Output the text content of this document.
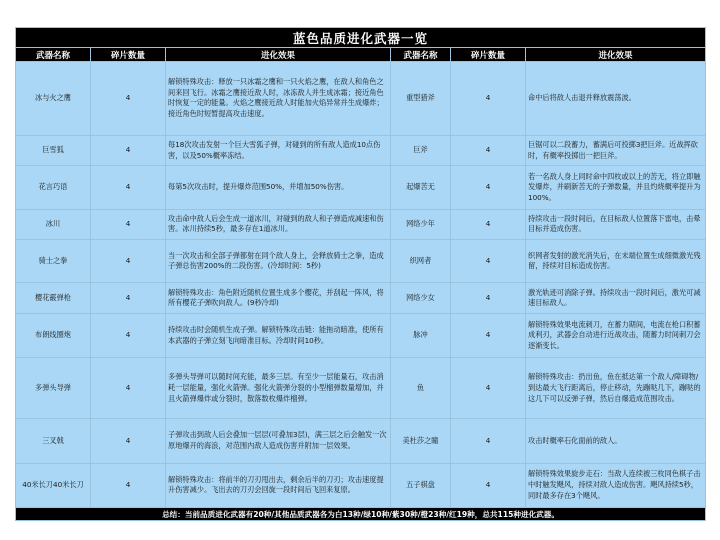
蓝色品质进化武器一览					
武器名称	碎片数量	进化效果	武器名称	碎片数量	进化效果
冰与火之鹰	4	解锁特殊攻击：释放一只冰霜之鹰和一只火焰之鹰，在敌人和角色之间来回飞行。冰霜之鹰接近敌人时，冰冻敌人并生成冰霜；接近角色时恢复一定的能量。火焰之鹰接近敌人时能加火焰异常并生成爆炸；接近角色时短暂提高攻击速度。	重型猎斧	4	命中后将敌人击退并释放震荡波。
巨雪狐	4	每18次攻击发射一个巨大雪狐子弹，对碰到的所有敌人造成10点伤害，以及50%概率冻结。	巨斧	4	巨锯可以二段蓄力，蓄满后可投掷3把巨斧。近战挥砍时，有概率投掷出一把巨斧。
花言巧语	4	每第5次攻击时，提升爆炸范围50%，并增加50%伤害。	起爆苦无	4	若一名敌人身上同时命中四枚或以上的苦无，将立即触发爆炸，并刷新苦无的子弹数量，并且灼烧概率提升为100%。
冰川	4	攻击命中敌人后会生成一道冰川，对碰到的敌人和子弹造成减速和伤害。冰川持续5秒，最多存在1道冰川。	网络少年	4	持续攻击一段时间后，在目标敌人位置落下雷电，击晕目标并造成伤害。
骑士之拳	4	当一次攻击和全部子弹都射在同个敌人身上，会释放骑士之拳，造成子弹总伤害200%的二段伤害。(冷却时间：5秒)	织网者	4	织网者发射的激光消失后，在末端位置生成细微激光残留，持续对目标造成伤害。
樱花霰弹枪	4	解锁特殊攻击：角色附近随机位置生成多个樱花，并刮起一阵风，将所有樱花子弹吹向敌人。(9秒冷却)	网络少女	4	激光轨迹可消除子弹。持续攻击一段时间后，激光可减速目标敌人。
布朗线圈炮	4	持续攻击时会随机生成子弹。解锁特殊攻击链：能拖动暗准，使所有本武器的子弹立刻飞向暗准目标。冷却时间10秒。	脉冲	4	解锁特殊效果电流刺刀，在蓄力期间，电流在枪口积蓄成利刃，武器会自动进行近战攻击，随蓄力时间刺刀会逐渐变长。
多弹头导弹	4	多弹头导弹可以随时间充能，最多三层。有至少一层能量石，攻击消耗一层能量，强化火箭弹。强化火箭弹分裂的小型榴弹数量增加，并且火箭弹爆炸或分裂时，散落数枚爆炸榴弹。	鱼	4	解锁特殊攻击：扔出鱼，鱼在抵达第一个敌人/障碍物/到达最大飞行距离后，停止移动，先蹦哒几下，蹦哒的这几下可以反弹子弹，然后自爆造成范围攻击。
三叉戟	4	子弹攻击到敌人后会叠加一层层(可叠加3层)，满三层之后会触发一次原地爆开的海浪，对范围内敌人造成伤害并附加一层效果。	美杜莎之瞳	4	攻击时概率石化面前的敌人。
40米长刀40米长刀	4	解锁特殊攻击：将前半的刀刃甩出去，剩余后半的刀刃；攻击速度提升伤害减少。飞出去的刀刃会回旋一段时间后飞回来复原。	五子棋盘	4	解锁特殊效果旋步走石：当敌人连续被三枚同色棋子击中时触发飓风，持续对敌人造成伤害。飓风持续5秒，同时最多存在3个飓风。
总结：当前品质进化武器有20种/其他品质武器各为白13种/绿10种/紫30种/橙23种/红19种，总共115种进化武器。					
